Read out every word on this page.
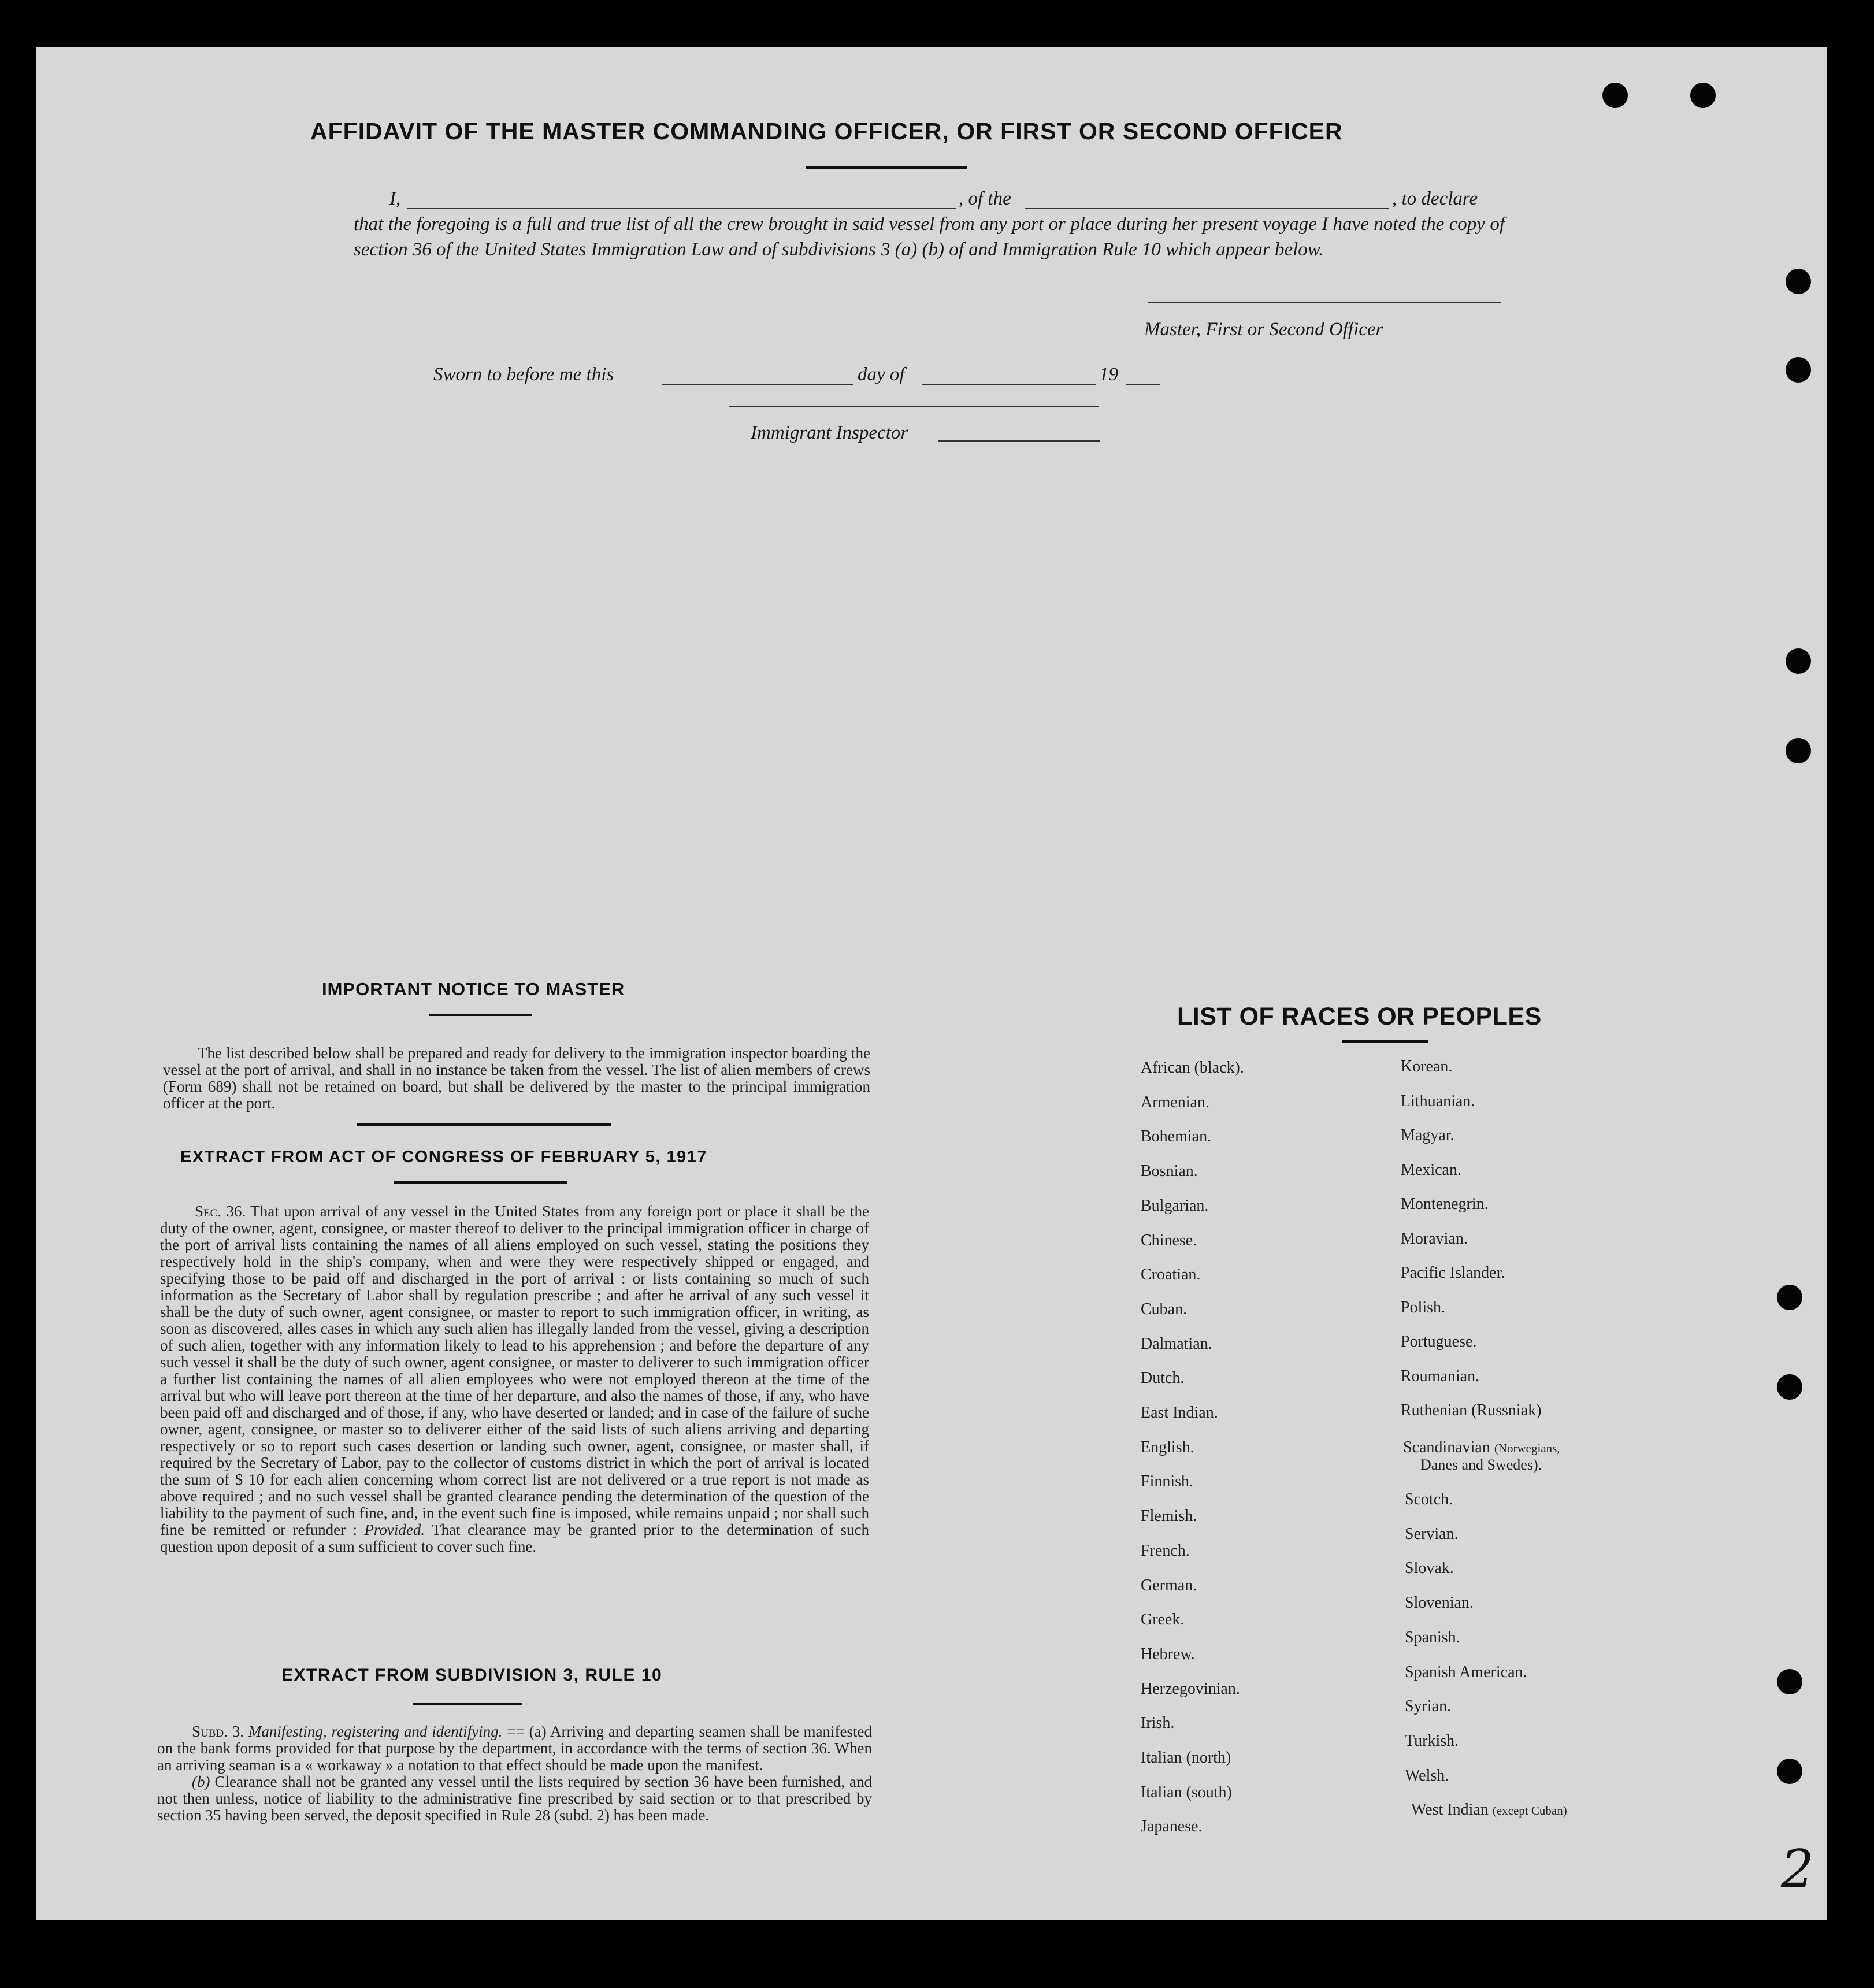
AFFIDAVIT OF THE MASTER COMMANDING OFFICER, OR FIRST OR SECOND OFFICER
I,	, of the	, to declare
that the foregoing is a full and true list of all the crew brought in said vessel from any port or place during her present voyage I have noted the copy of section 36 of the United States Immigration Law and of subdivisions 3 (a) (b) of and Immigration Rule 10 which appear below.
Master, First or Second Officer
Sworn to before me this	day of	19
Immigrant Inspector
IMPORTANT NOTICE TO MASTER
The list described below shall be prepared and ready for delivery to the immigration inspector boarding the vessel at the port of arrival, and shall in no instance be taken from the vessel. The list of alien members of crews (Form 689) shall not be retained on board, but shall be delivered by the master to the principal immigration officer at the port.
EXTRACT FROM ACT OF CONGRESS OF FEBRUARY 5, 1917
Sec. 36. That upon arrival of any vessel in the United States from any foreign port or place it shall be the duty of the owner, agent, consignee, or master thereof to deliver to the principal immigration officer in charge of the port of arrival lists containing the names of all aliens employed on such vessel, stating the positions they respectively hold in the ship's company, when and were they were respectively shipped or engaged, and specifying those to be paid off and discharged in the port of arrival : or lists containing so much of such information as the Secretary of Labor shall by regulation prescribe ; and after he arrival of any such vessel it shall be the duty of such owner, agent consignee, or master to report to such immigration officer, in writing, as soon as discovered, alles cases in which any such alien has illegally landed from the vessel, giving a description of such alien, together with any information likely to lead to his apprehension ; and before the departure of any such vessel it shall be the duty of such owner, agent consignee, or master to deliverer to such immigration officer a further list containing the names of all alien employees who were not employed thereon at the time of the arrival but who will leave port thereon at the time of her departure, and also the names of those, if any, who have been paid off and discharged and of those, if any, who have deserted or landed; and in case of the failure of suche owner, agent, consignee, or master so to deliverer either of the said lists of such aliens arriving and departing respectively or so to report such cases desertion or landing such owner, agent, consignee, or master shall, if required by the Secretary of Labor, pay to the collector of customs district in which the port of arrival is located the sum of $ 10 for each alien concerning whom correct list are not delivered or a true report is not made as above required ; and no such vessel shall be granted clearance pending the determination of the question of the liability to the payment of such fine, and, in the event such fine is imposed, while remains unpaid ; nor shall such fine be remitted or refunder : Provided. That clearance may be granted prior to the determination of such question upon deposit of a sum sufficient to cover such fine.
EXTRACT FROM SUBDIVISION 3, RULE 10
Subd. 3. Manifesting, registering and identifying. == (a) Arriving and departing seamen shall be manifested on the bank forms provided for that purpose by the department, in accordance with the terms of section 36. When an arriving seaman is a « workaway » a notation to that effect should be made upon the manifest.
(b) Clearance shall not be granted any vessel until the lists required by section 36 have been furnished, and not then unless, notice of liability to the administrative fine prescribed by said section or to that prescribed by section 35 having been served, the deposit specified in Rule 28 (subd. 2) has been made.
LIST OF RACES OR PEOPLES
African (black).
Armenian.
Bohemian.
Bosnian.
Bulgarian.
Chinese.
Croatian.
Cuban.
Dalmatian.
Dutch.
East Indian.
English.
Finnish.
Flemish.
French.
German.
Greek.
Hebrew.
Herzegovinian.
Irish.
Italian (north)
Italian (south)
Japanese.
Korean.
Lithuanian.
Magyar.
Mexican.
Montenegrin.
Moravian.
Pacific Islander.
Polish.
Portuguese.
Roumanian.
Ruthenian (Russniak)
Scandinavian (Norwegians,
Danes and Swedes).
Scotch.
Servian.
Slovak.
Slovenian.
Spanish.
Spanish American.
Syrian.
Turkish.
Welsh.
West Indian (except Cuban)
2
